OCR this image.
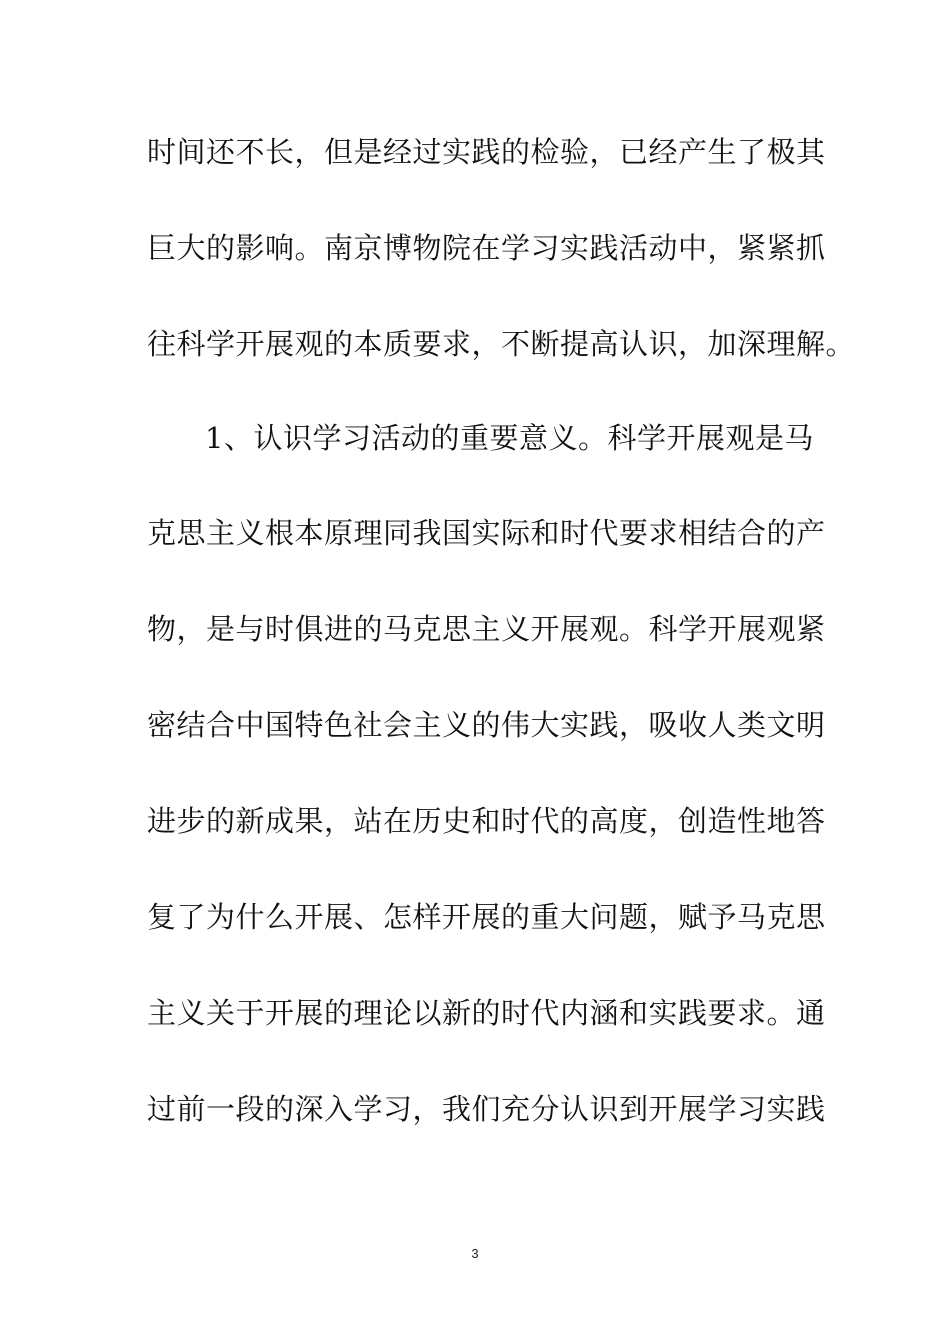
时间还不长，但是经过实践的检验，已经产生了极其
巨大的影响。南京博物院在学习实践活动中，紧紧抓
往科学开展观的本质要求，不断提高认识，加深理解。
1、认识学习活动的重要意义。科学开展观是马
克思主义根本原理同我国实际和时代要求相结合的产
物，是与时俱进的马克思主义开展观。科学开展观紧
密结合中国特色社会主义的伟大实践，吸收人类文明
进步的新成果，站在历史和时代的高度，创造性地答
复了为什么开展、怎样开展的重大问题，赋予马克思
主义关于开展的理论以新的时代内涵和实践要求。通
过前一段的深入学习，我们充分认识到开展学习实践
3
